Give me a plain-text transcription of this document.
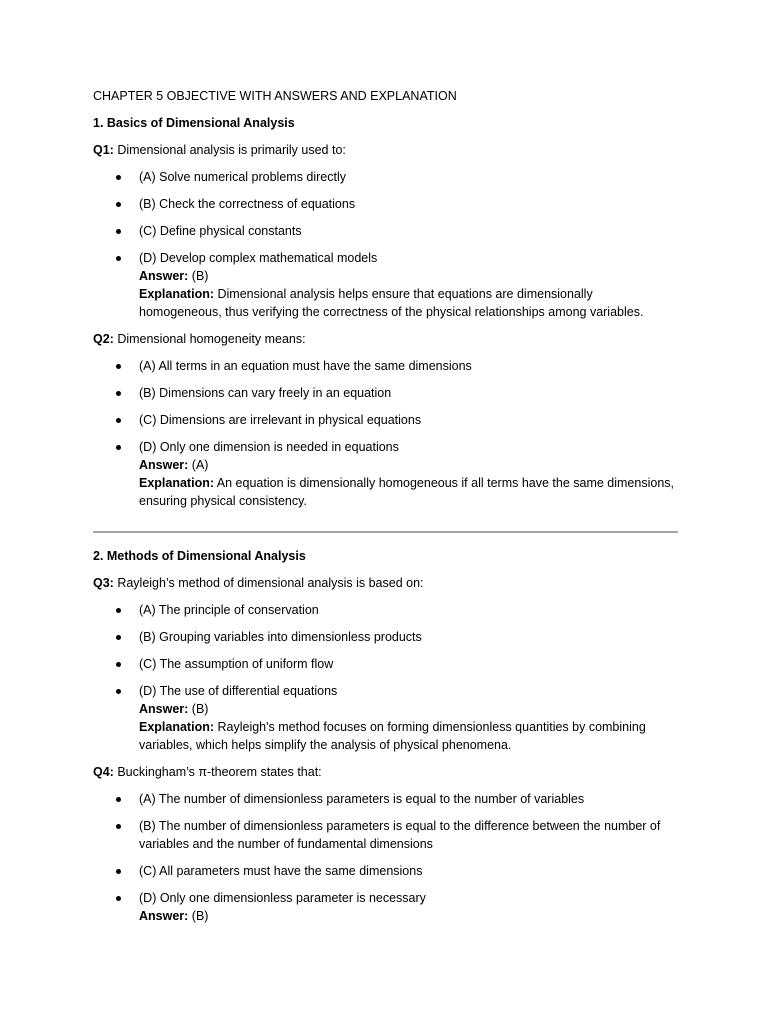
CHAPTER 5 OBJECTIVE WITH ANSWERS AND EXPLANATION

1. Basics of Dimensional Analysis

Q1: Dimensional analysis is primarily used to:

(A) Solve numerical problems directly
(B) Check the correctness of equations
(C) Define physical constants
(D) Develop complex mathematical models
Answer: (B)
Explanation: Dimensional analysis helps ensure that equations are dimensionally homogeneous, thus verifying the correctness of the physical relationships among variables.

Q2: Dimensional homogeneity means:

(A) All terms in an equation must have the same dimensions
(B) Dimensions can vary freely in an equation
(C) Dimensions are irrelevant in physical equations
(D) Only one dimension is needed in equations
Answer: (A)
Explanation: An equation is dimensionally homogeneous if all terms have the same dimensions, ensuring physical consistency.

2. Methods of Dimensional Analysis

Q3: Rayleigh’s method of dimensional analysis is based on:

(A) The principle of conservation
(B) Grouping variables into dimensionless products
(C) The assumption of uniform flow
(D) The use of differential equations
Answer: (B)
Explanation: Rayleigh's method focuses on forming dimensionless quantities by combining variables, which helps simplify the analysis of physical phenomena.

Q4: Buckingham’s π-theorem states that:

(A) The number of dimensionless parameters is equal to the number of variables
(B) The number of dimensionless parameters is equal to the difference between the number of variables and the number of fundamental dimensions
(C) All parameters must have the same dimensions
(D) Only one dimensionless parameter is necessary
Answer: (B)
